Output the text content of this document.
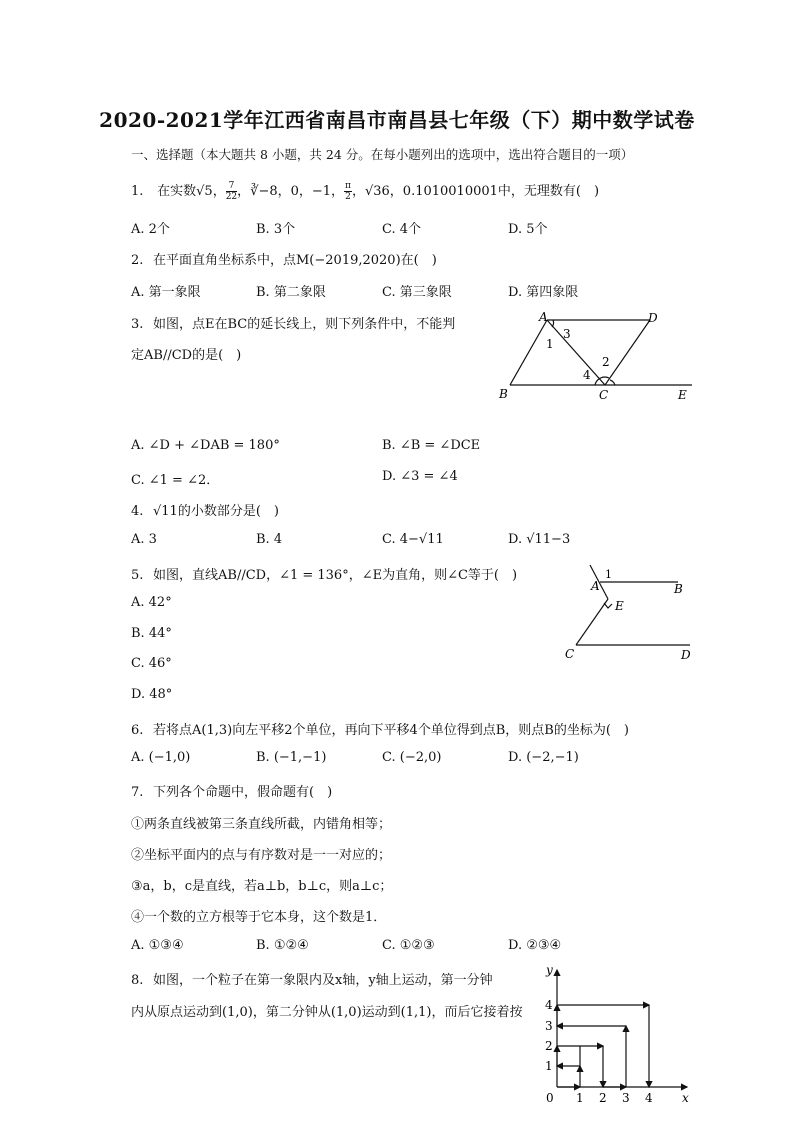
2020-2021学年江西省南昌市南昌县七年级（下）期中数学试卷
一、选择题（本大题共 8 小题，共 24 分。在每小题列出的选项中，选出符合题目的一项）
1. 在实数√5， $\frac{7}{22}$ ，∛−8，0，−1， $\frac{\pi}{2}$ ，√36，0.1010010001中，无理数有(　)
A. 2个	B. 3个	C. 4个	D. 5个
2. 在平面直角坐标系中，点M(−2019,2020)在(　)
A. 第一象限	B. 第二象限	C. 第三象限	D. 第四象限
3. 如图，点E在BC的延长线上，则下列条件中，不能判
定AB//CD的是(　)
A	D
B	C	E
1
2
3
4
A. ∠D + ∠DAB = 180°	B. ∠B = ∠DCE
C. ∠1 = ∠2．	D. ∠3 = ∠4
4. √11的小数部分是(　)
A. 3	B. 4	C. 4−√11	D. √11−3
5. 如图，直线AB//CD，∠1 = 136°，∠E为直角，则∠C等于(　)
A. 42°
B. 44°
C. 46°
D. 48°
1
A	B
E
C	D
6. 若将点A(1,3)向左平移2个单位，再向下平移4个单位得到点B，则点B的坐标为(　)
A. (−1,0)	B. (−1,−1)	C. (−2,0)	D. (−2,−1)
7. 下列各个命题中，假命题有(　)
①两条直线被第三条直线所截，内错角相等；
②坐标平面内的点与有序数对是一一对应的；
③a，b，c是直线，若a⊥b，b⊥c，则a⊥c；
④一个数的立方根等于它本身，这个数是1．
A. ①③④	B. ①②④	C. ①②③	D. ②③④
8. 如图，一个粒子在第一象限内及x轴，y轴上运动，第一分钟
内从原点运动到(1,0)，第二分钟从(1,0)运动到(1,1)，而后它接着按
y
x
0 1 2 3 4
1
2
3
4
